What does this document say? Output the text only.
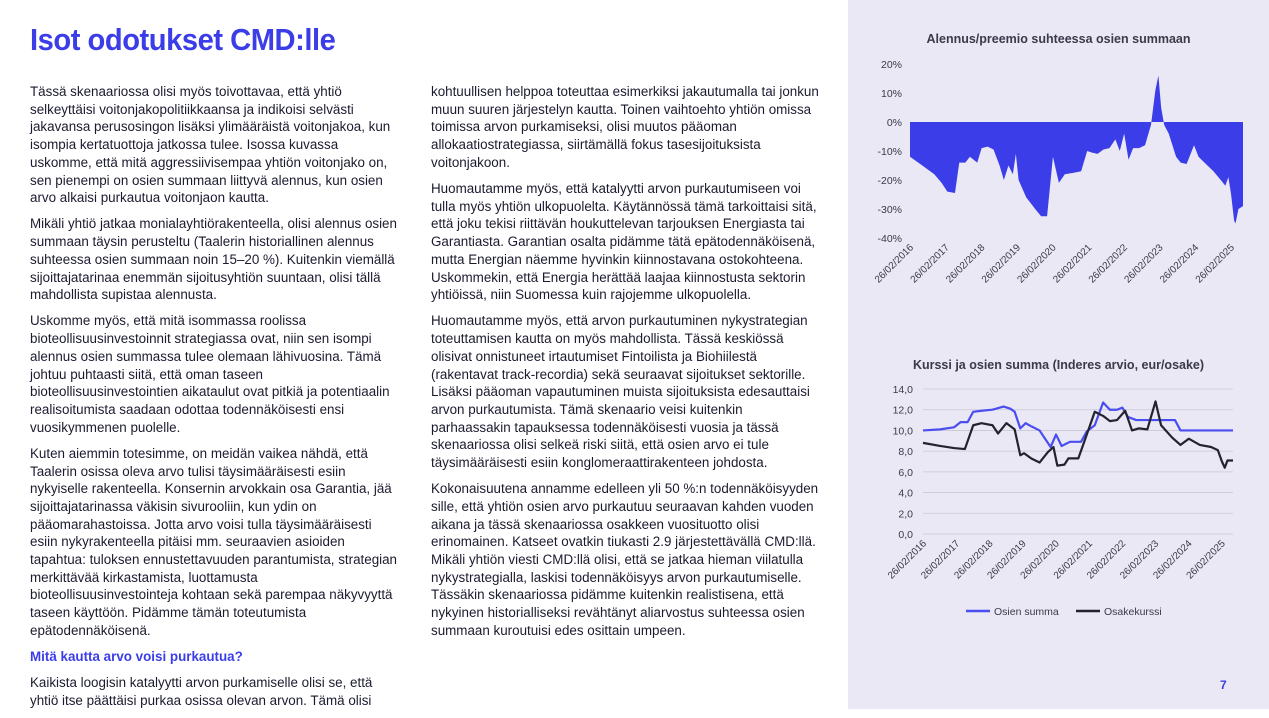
Isot odotukset CMD:lle

Tässä skenaariossa olisi myös toivottavaa, että yhtiö selkeyttäisi voitonjakopolitiikkaansa ja indikoisi selvästi jakavansa perusosingon lisäksi ylimääräistä voitonjakoa, kun isompia kertatuottoja jatkossa tulee. Isossa kuvassa uskomme, että mitä aggressiivisempaa yhtiön voitonjako on, sen pienempi on osien summaan liittyvä alennus, kun osien arvo alkaisi purkautua voitonjaon kautta.

Mikäli yhtiö jatkaa monialayhtiörakenteella, olisi alennus osien summaan täysin perusteltu (Taalerin historiallinen alennus suhteessa osien summaan noin 15–20 %). Kuitenkin viemällä sijoittajatarinaa enemmän sijoitusyhtiön suuntaan, olisi tällä mahdollista supistaa alennusta.

Uskomme myös, että mitä isommassa roolissa bioteollisuusinvestoinnit strategiassa ovat, niin sen isompi alennus osien summassa tulee olemaan lähivuosina. Tämä johtuu puhtaasti siitä, että oman taseen bioteollisuusinvestointien aikataulut ovat pitkiä ja potentiaalin realisoitumista saadaan odottaa todennäköisesti ensi vuosikymmenen puolelle.

Kuten aiemmin totesimme, on meidän vaikea nähdä, että Taalerin osissa oleva arvo tulisi täysimääräisesti esiin nykyiselle rakenteella. Konsernin arvokkain osa Garantia, jää sijoittajatarinassa väkisin sivurooliin, kun ydin on pääomarahastoissa. Jotta arvo voisi tulla täysimääräisesti esiin nykyrakenteella pitäisi mm. seuraavien asioiden tapahtua: tuloksen ennustettavuuden parantumista, strategian merkittävää kirkastamista, luottamusta bioteollisuusinvestointeja kohtaan sekä parempaa näkyvyyttä taseen käyttöön. Pidämme tämän toteutumista epätodennäköisenä.

Mitä kautta arvo voisi purkautua?

Kaikista loogisin katalyytti arvon purkamiselle olisi se, että yhtiö itse päättäisi purkaa osissa olevan arvon. Tämä olisi

kohtuullisen helppoa toteuttaa esimerkiksi jakautumalla tai jonkun muun suuren järjestelyn kautta. Toinen vaihtoehto yhtiön omissa toimissa arvon purkamiseksi, olisi muutos pääoman allokaatiostrategiassa, siirtämällä fokus tasesijoituksista voitonjakoon.

Huomautamme myös, että katalyytti arvon purkautumiseen voi tulla myös yhtiön ulkopuolelta. Käytännössä tämä tarkoittaisi sitä, että joku tekisi riittävän houkuttelevan tarjouksen Energiasta tai Garantiasta. Garantian osalta pidämme tätä epätodennäköisenä, mutta Energian näemme hyvinkin kiinnostavana ostokohteena. Uskommekin, että Energia herättää laajaa kiinnostusta sektorin yhtiöissä, niin Suomessa kuin rajojemme ulkopuolella.

Huomautamme myös, että arvon purkautuminen nykystrategian toteuttamisen kautta on myös mahdollista. Tässä keskiössä olisivat onnistuneet irtautumiset Fintoilista ja Biohiilestä (rakentavat track-recordia) sekä seuraavat sijoitukset sektorille. Lisäksi pääoman vapautuminen muista sijoituksista edesauttaisi arvon purkautumista. Tämä skenaario veisi kuitenkin parhaassakin tapauksessa todennäköisesti vuosia ja tässä skenaariossa olisi selkeä riski siitä, että osien arvo ei tule täysimääräisesti esiin konglomeraattirakenteen johdosta.

Kokonaisuutena annamme edelleen yli 50 %:n todennäköisyyden sille, että yhtiön osien arvo purkautuu seuraavan kahden vuoden aikana ja tässä skenaariossa osakkeen vuosituotto olisi erinomainen. Katseet ovatkin tiukasti 2.9 järjestettävällä CMD:llä. Mikäli yhtiön viesti CMD:llä olisi, että se jatkaa hieman viilatulla nykystrategialla, laskisi todennäköisyys arvon purkautumiselle. Tässäkin skenaariossa pidämme kuitenkin realistisena, että nykyinen historialliseksi revähtänyt aliarvostus suhteessa osien summaan kuroutuisi edes osittain umpeen.

Alennus/preemio suhteessa osien summaan
20%
10%
0%
-10%
-20%
-30%
-40%
26/02/2016
26/02/2017
26/02/2018
26/02/2019
26/02/2020
26/02/2021
26/02/2022
26/02/2023
26/02/2024
26/02/2025
Kurssi ja osien summa (Inderes arvio, eur/osake)
14,0
12,0
10,0
8,0
6,0
4,0
2,0
0,0
26/02/2016
26/02/2017
26/02/2018
26/02/2019
26/02/2020
26/02/2021
26/02/2022
26/02/2023
26/02/2024
26/02/2025
Osien summa	Osakekurssi
7
